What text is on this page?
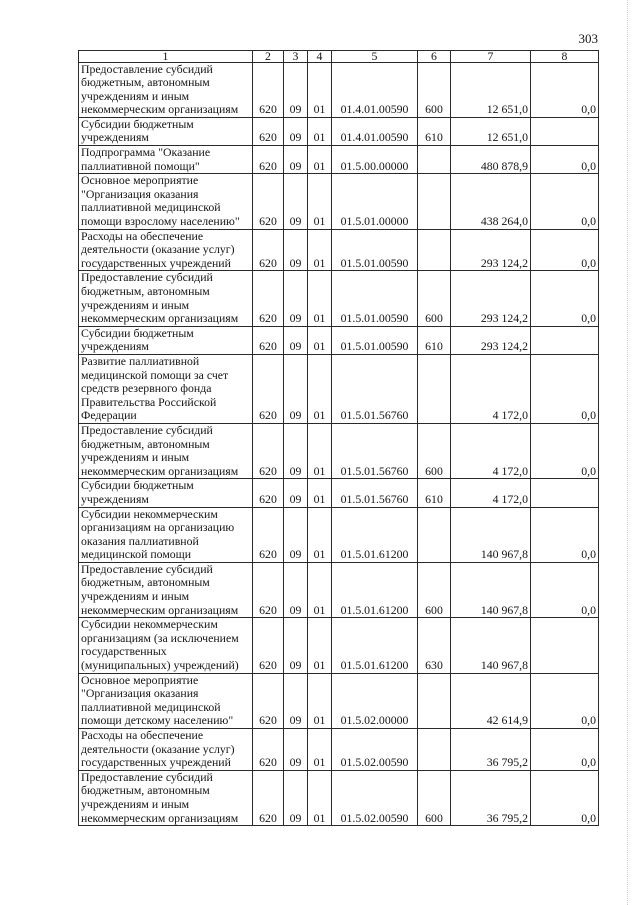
303
1	2	3	4	5	6	7	8
Предоставление субсидий
бюджетным, автономным
учреждениям и иным
некоммерческим организациям	620	09	01	01.4.01.00590	600	12 651,0	0,0
Субсидии бюджетным
учреждениям	620	09	01	01.4.01.00590	610	12 651,0	
Подпрограмма "Оказание
паллиативной помощи"	620	09	01	01.5.00.00000		480 878,9	0,0
Основное мероприятие
"Организация оказания
паллиативной медицинской
помощи взрослому населению"	620	09	01	01.5.01.00000		438 264,0	0,0
Расходы на обеспечение
деятельности (оказание услуг)
государственных учреждений	620	09	01	01.5.01.00590		293 124,2	0,0
Предоставление субсидий
бюджетным, автономным
учреждениям и иным
некоммерческим организациям	620	09	01	01.5.01.00590	600	293 124,2	0,0
Субсидии бюджетным
учреждениям	620	09	01	01.5.01.00590	610	293 124,2	
Развитие паллиативной
медицинской помощи за счет
средств резервного фонда
Правительства Российской
Федерации	620	09	01	01.5.01.56760		4 172,0	0,0
Предоставление субсидий
бюджетным, автономным
учреждениям и иным
некоммерческим организациям	620	09	01	01.5.01.56760	600	4 172,0	0,0
Субсидии бюджетным
учреждениям	620	09	01	01.5.01.56760	610	4 172,0	
Субсидии некоммерческим
организациям на организацию
оказания паллиативной
медицинской помощи	620	09	01	01.5.01.61200		140 967,8	0,0
Предоставление субсидий
бюджетным, автономным
учреждениям и иным
некоммерческим организациям	620	09	01	01.5.01.61200	600	140 967,8	0,0
Субсидии некоммерческим
организациям (за исключением
государственных
(муниципальных) учреждений)	620	09	01	01.5.01.61200	630	140 967,8	
Основное мероприятие
"Организация оказания
паллиативной медицинской
помощи детскому населению"	620	09	01	01.5.02.00000		42 614,9	0,0
Расходы на обеспечение
деятельности (оказание услуг)
государственных учреждений	620	09	01	01.5.02.00590		36 795,2	0,0
Предоставление субсидий
бюджетным, автономным
учреждениям и иным
некоммерческим организациям	620	09	01	01.5.02.00590	600	36 795,2	0,0
